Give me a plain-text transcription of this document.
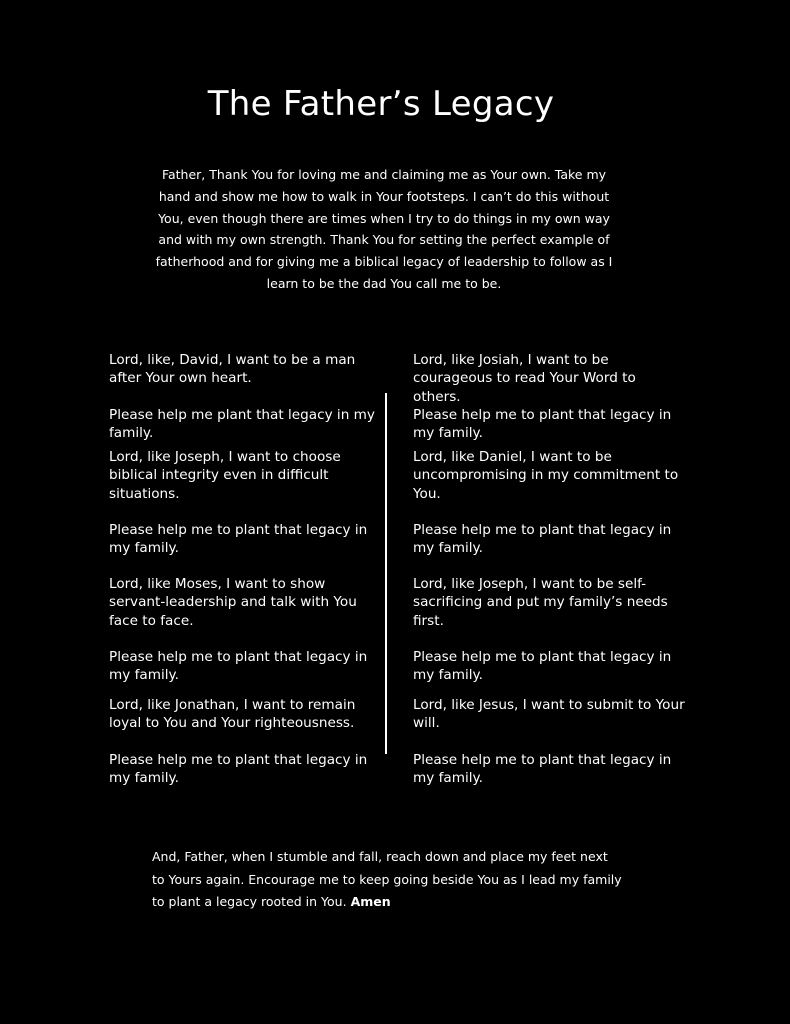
The Father’s Legacy

Father, Thank You for loving me and claiming me as Your own. Take my hand and show me how to walk in Your footsteps. I can’t do this without You, even though there are times when I try to do things in my own way and with my own strength. Thank You for setting the perfect example of fatherhood and for giving me a biblical legacy of leadership to follow as I learn to be the dad You call me to be.

Lord, like, David, I want to be a man after Your own heart.

Please help me plant that legacy in my family.

Lord, like Joseph, I want to choose biblical integrity even in difficult situations.

Please help me to plant that legacy in my family.

Lord, like Moses, I want to show servant-leadership and talk with You face to face.

Please help me to plant that legacy in my family.

Lord, like Jonathan, I want to remain loyal to You and Your righteousness.

Please help me to plant that legacy in my family.

Lord, like Josiah, I want to be courageous to read Your Word to others.

Please help me to plant that legacy in my family.

Lord, like Daniel, I want to be uncompromising in my commitment to You.

Please help me to plant that legacy in my family.

Lord, like Joseph, I want to be self-sacrificing and put my family’s needs first.

Please help me to plant that legacy in my family.

Lord, like Jesus, I want to submit to Your will.

Please help me to plant that legacy in my family.

And, Father, when I stumble and fall, reach down and place my feet next to Yours again. Encourage me to keep going beside You as I lead my family to plant a legacy rooted in You. Amen
